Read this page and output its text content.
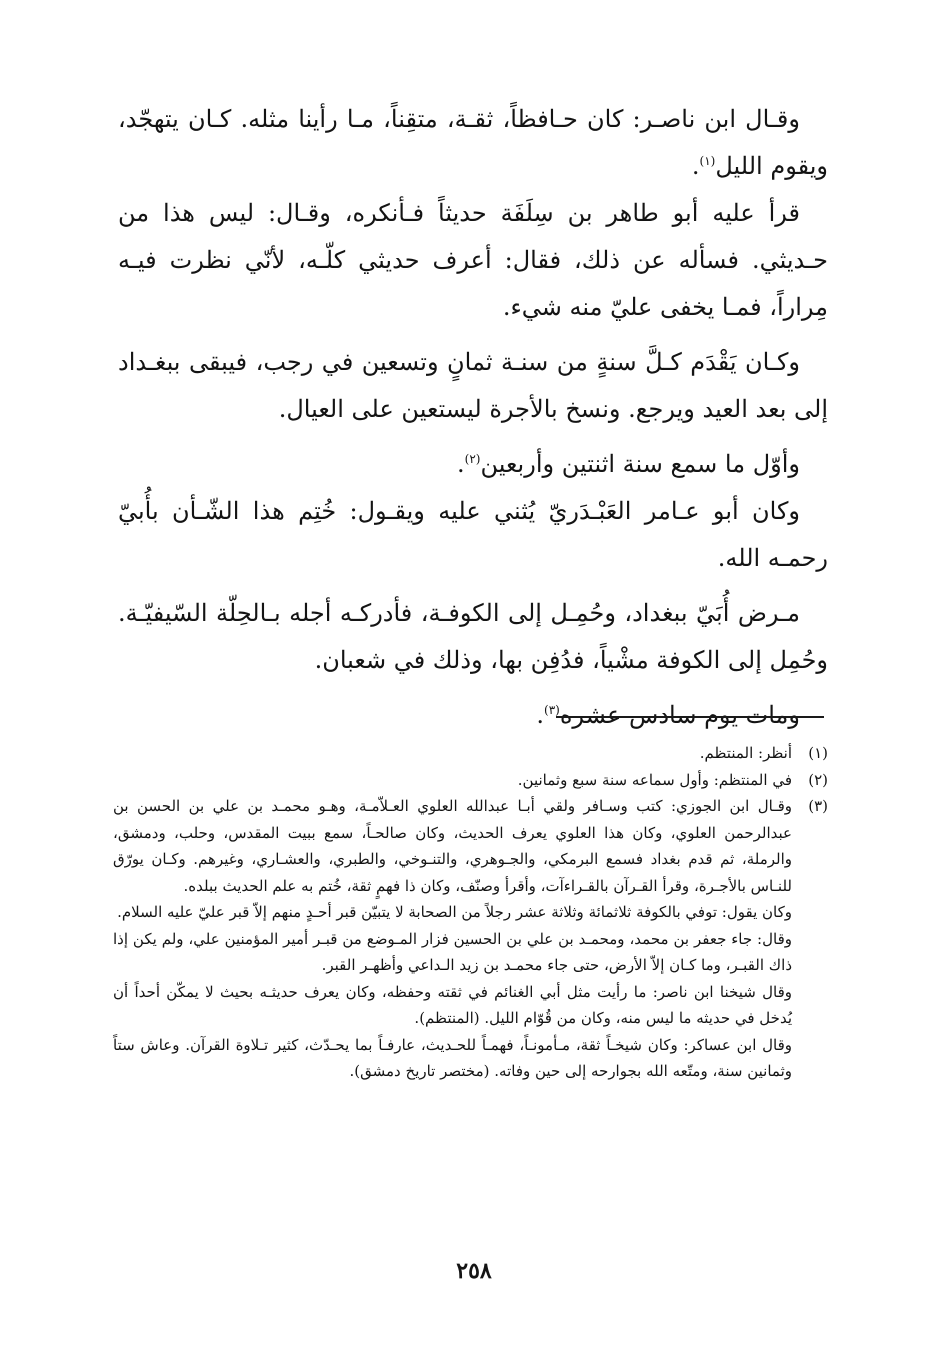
وقـال ابن ناصـر: كان حـافظاً، ثقـة، متقِناً، مـا رأينا مثله. كـان يتهجّد، ويقوم الليل$^{(١)}$.

قرأ عليه أبو طاهر بن سِلَفَة حديثاً فـأنكره، وقـال: ليس هذا من حـديثي. فسأله عن ذلك، فقال: أعرف حديثي كلّـه، لأنّي نظرت فيـه مِراراً، فمـا يخفى عليّ منه شيء.

وكـان يَقْدَم كـلَّ سنةٍ من سنـة ثمانٍ وتسعين في رجب، فيبقى ببغـداد إلى بعد العيد ويرجع. ونسخ بالأجرة ليستعين على العيال.

وأوّل ما سمع سنة اثنتين وأربعين$^{(٢)}$.

وكان أبو عـامر العَبْـدَريّ يُثني عليه ويقـول: خُتِم هذا الشّـأن بأُبيّ رحمـه الله.

مـرض أُبَيّ ببغداد، وحُمِـل إلى الكوفـة، فأدركـه أجله بـالحِلّة السّيفيّـة. وحُمِل إلى الكوفة مشْياً، فدُفِن بها، وذلك في شعبان.

ومات يوم سادس عشره$^{(٣)}$.

(١)

أنظر: المنتظم.

(٢)

في المنتظم: وأول سماعه سنة سبع وثمانين.

(٣)

وقـال ابن الجوزي: كتب وسـافر ولقي أبـا عبدالله العلوي العـلاّمـة، وهـو محمـد بن علي بن الحسن بن عبدالرحمن العلوي، وكان هذا العلوي يعرف الحديث، وكان صالحـاً، سمع ببيت المقدس، وحلب، ودمشق، والرملة، ثم قدم بغداد فسمع البرمكي، والجـوهري، والتنـوخي، والطبري، والعشـاري، وغيرهم. وكـان يورّق للنـاس بالأجـرة، وقرأ القـرآن بالقـراءآت، وأقرأ وصنّف، وكان ذا فهمٍ ثقة، خُتم به علم الحديث ببلده.

وكان يقول: توفي بالكوفة ثلاثمائة وثلاثة عشر رجلاً من الصحابة لا يتبيّن قبر أحـدٍ منهم إلاّ قبر عليّ عليه السلام.

وقال: جاء جعفر بن محمد، ومحمـد بن علي بن الحسين فزار المـوضع من قبـر أمير المؤمنين علي، ولم يكن إذا ذاك القبـر، وما كـان إلاّ الأرض، حتى جاء محمـد بن زيد الـداعي وأظهـر القبر.

وقال شيخنا ابن ناصر: ما رأيت مثل أبي الغنائم في ثقته وحفظه، وكان يعرف حديثـه بحيث لا يمكّن أحداً أن يُدخل في حديثه ما ليس منه، وكان من قُوّام الليل. (المنتظم).

وقال ابن عساكر: وكان شيخـاً ثقة، مـأمونـاً، فهمـاً للحـديث، عارفـاً بما يحـدّث، كثير تـلاوة القرآن. وعاش ستاً وثمانين سنة، ومتّعه الله بجوارحه إلى حين وفاته. (مختصر تاريخ دمشق).

٢٥٨
